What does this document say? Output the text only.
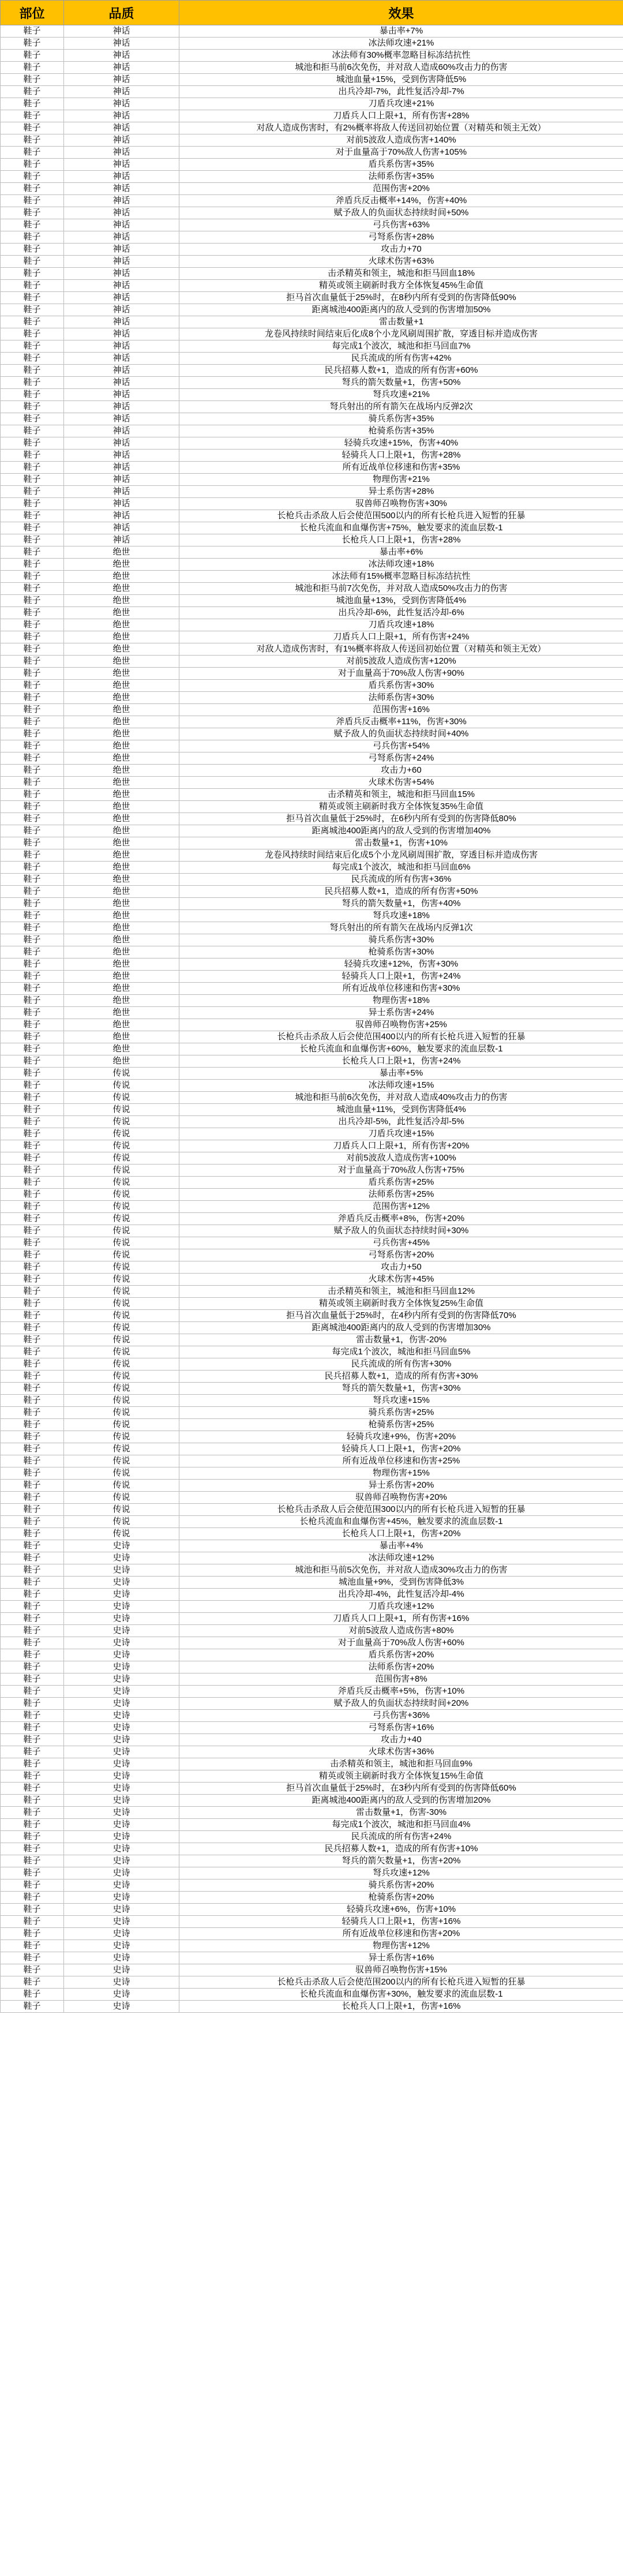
部位	品质	效果
鞋子	神话	暴击率+7%
鞋子	神话	冰法师攻速+21%
鞋子	神话	冰法师有30%概率忽略目标冻结抗性
鞋子	神话	城池和拒马前6次免伤，并对敌人造成60%攻击力的伤害
鞋子	神话	城池血量+15%，受到伤害降低5%
鞋子	神话	出兵冷却-7%，此性复活冷却-7%
鞋子	神话	刀盾兵攻速+21%
鞋子	神话	刀盾兵人口上限+1，所有伤害+28%
鞋子	神话	对敌人造成伤害时，有2%概率将敌人传送回初始位置（对精英和领主无效）
鞋子	神话	对前5波敌人造成伤害+140%
鞋子	神话	对于血量高于70%敌人伤害+105%
鞋子	神话	盾兵系伤害+35%
鞋子	神话	法师系伤害+35%
鞋子	神话	范围伤害+20%
鞋子	神话	斧盾兵反击概率+14%，伤害+40%
鞋子	神话	赋予敌人的负面状态持续时间+50%
鞋子	神话	弓兵伤害+63%
鞋子	神话	弓弩系伤害+28%
鞋子	神话	攻击力+70
鞋子	神话	火球术伤害+63%
鞋子	神话	击杀精英和领主，城池和拒马回血18%
鞋子	神话	精英或领主刷新时我方全体恢复45%生命值
鞋子	神话	拒马首次血量低于25%时，在8秒内所有受到的伤害降低90%
鞋子	神话	距离城池400距离内的敌人受到的伤害增加50%
鞋子	神话	雷击数量+1
鞋子	神话	龙卷风持续时间结束后化成8个小龙风刷周围扩散，穿透目标并造成伤害
鞋子	神话	每完成1个波次，城池和拒马回血7%
鞋子	神话	民兵流成的所有伤害+42%
鞋子	神话	民兵招募人数+1，造成的所有伤害+60%
鞋子	神话	弩兵的箭矢数量+1，伤害+50%
鞋子	神话	弩兵攻速+21%
鞋子	神话	弩兵射出的所有箭矢在战场内反弹2次
鞋子	神话	骑兵系伤害+35%
鞋子	神话	枪骑系伤害+35%
鞋子	神话	轻骑兵攻速+15%，伤害+40%
鞋子	神话	轻骑兵人口上限+1，伤害+28%
鞋子	神话	所有近战单位移速和伤害+35%
鞋子	神话	物理伤害+21%
鞋子	神话	异士系伤害+28%
鞋子	神话	驭兽师召唤物伤害+30%
鞋子	神话	长枪兵击杀敌人后会使范围500以内的所有长枪兵进入短暂的狂暴
鞋子	神话	长枪兵流血和血爆伤害+75%，触发要求的流血层数-1
鞋子	神话	长枪兵人口上限+1，伤害+28%
鞋子	绝世	暴击率+6%
鞋子	绝世	冰法师攻速+18%
鞋子	绝世	冰法师有15%概率忽略目标冻结抗性
鞋子	绝世	城池和拒马前7次免伤，并对敌人造成50%攻击力的伤害
鞋子	绝世	城池血量+13%，受到伤害降低4%
鞋子	绝世	出兵冷却-6%，此性复活冷却-6%
鞋子	绝世	刀盾兵攻速+18%
鞋子	绝世	刀盾兵人口上限+1，所有伤害+24%
鞋子	绝世	对敌人造成伤害时，有1%概率将敌人传送回初始位置（对精英和领主无效）
鞋子	绝世	对前5波敌人造成伤害+120%
鞋子	绝世	对于血量高于70%敌人伤害+90%
鞋子	绝世	盾兵系伤害+30%
鞋子	绝世	法师系伤害+30%
鞋子	绝世	范围伤害+16%
鞋子	绝世	斧盾兵反击概率+11%，伤害+30%
鞋子	绝世	赋予敌人的负面状态持续时间+40%
鞋子	绝世	弓兵伤害+54%
鞋子	绝世	弓弩系伤害+24%
鞋子	绝世	攻击力+60
鞋子	绝世	火球术伤害+54%
鞋子	绝世	击杀精英和领主，城池和拒马回血15%
鞋子	绝世	精英或领主刷新时我方全体恢复35%生命值
鞋子	绝世	拒马首次血量低于25%时，在6秒内所有受到的伤害降低80%
鞋子	绝世	距离城池400距离内的敌人受到的伤害增加40%
鞋子	绝世	雷击数量+1，伤害+10%
鞋子	绝世	龙卷风持续时间结束后化成5个小龙风刷周围扩散，穿透目标并造成伤害
鞋子	绝世	每完成1个波次，城池和拒马回血6%
鞋子	绝世	民兵流成的所有伤害+36%
鞋子	绝世	民兵招募人数+1，造成的所有伤害+50%
鞋子	绝世	弩兵的箭矢数量+1，伤害+40%
鞋子	绝世	弩兵攻速+18%
鞋子	绝世	弩兵射出的所有箭矢在战场内反弹1次
鞋子	绝世	骑兵系伤害+30%
鞋子	绝世	枪骑系伤害+30%
鞋子	绝世	轻骑兵攻速+12%，伤害+30%
鞋子	绝世	轻骑兵人口上限+1，伤害+24%
鞋子	绝世	所有近战单位移速和伤害+30%
鞋子	绝世	物理伤害+18%
鞋子	绝世	异士系伤害+24%
鞋子	绝世	驭兽师召唤物伤害+25%
鞋子	绝世	长枪兵击杀敌人后会使范围400以内的所有长枪兵进入短暂的狂暴
鞋子	绝世	长枪兵流血和血爆伤害+60%，触发要求的流血层数-1
鞋子	绝世	长枪兵人口上限+1，伤害+24%
鞋子	传说	暴击率+5%
鞋子	传说	冰法师攻速+15%
鞋子	传说	城池和拒马前6次免伤，并对敌人造成40%攻击力的伤害
鞋子	传说	城池血量+11%，受到伤害降低4%
鞋子	传说	出兵冷却-5%，此性复活冷却-5%
鞋子	传说	刀盾兵攻速+15%
鞋子	传说	刀盾兵人口上限+1，所有伤害+20%
鞋子	传说	对前5波敌人造成伤害+100%
鞋子	传说	对于血量高于70%敌人伤害+75%
鞋子	传说	盾兵系伤害+25%
鞋子	传说	法师系伤害+25%
鞋子	传说	范围伤害+12%
鞋子	传说	斧盾兵反击概率+8%，伤害+20%
鞋子	传说	赋予敌人的负面状态持续时间+30%
鞋子	传说	弓兵伤害+45%
鞋子	传说	弓弩系伤害+20%
鞋子	传说	攻击力+50
鞋子	传说	火球术伤害+45%
鞋子	传说	击杀精英和领主，城池和拒马回血12%
鞋子	传说	精英或领主刷新时我方全体恢复25%生命值
鞋子	传说	拒马首次血量低于25%时，在4秒内所有受到的伤害降低70%
鞋子	传说	距离城池400距离内的敌人受到的伤害增加30%
鞋子	传说	雷击数量+1，伤害-20%
鞋子	传说	每完成1个波次，城池和拒马回血5%
鞋子	传说	民兵流成的所有伤害+30%
鞋子	传说	民兵招募人数+1，造成的所有伤害+30%
鞋子	传说	弩兵的箭矢数量+1，伤害+30%
鞋子	传说	弩兵攻速+15%
鞋子	传说	骑兵系伤害+25%
鞋子	传说	枪骑系伤害+25%
鞋子	传说	轻骑兵攻速+9%，伤害+20%
鞋子	传说	轻骑兵人口上限+1，伤害+20%
鞋子	传说	所有近战单位移速和伤害+25%
鞋子	传说	物理伤害+15%
鞋子	传说	异士系伤害+20%
鞋子	传说	驭兽师召唤物伤害+20%
鞋子	传说	长枪兵击杀敌人后会使范围300以内的所有长枪兵进入短暂的狂暴
鞋子	传说	长枪兵流血和血爆伤害+45%，触发要求的流血层数-1
鞋子	传说	长枪兵人口上限+1，伤害+20%
鞋子	史诗	暴击率+4%
鞋子	史诗	冰法师攻速+12%
鞋子	史诗	城池和拒马前5次免伤，并对敌人造成30%攻击力的伤害
鞋子	史诗	城池血量+9%，受到伤害降低3%
鞋子	史诗	出兵冷却-4%，此性复活冷却-4%
鞋子	史诗	刀盾兵攻速+12%
鞋子	史诗	刀盾兵人口上限+1，所有伤害+16%
鞋子	史诗	对前5波敌人造成伤害+80%
鞋子	史诗	对于血量高于70%敌人伤害+60%
鞋子	史诗	盾兵系伤害+20%
鞋子	史诗	法师系伤害+20%
鞋子	史诗	范围伤害+8%
鞋子	史诗	斧盾兵反击概率+5%，伤害+10%
鞋子	史诗	赋予敌人的负面状态持续时间+20%
鞋子	史诗	弓兵伤害+36%
鞋子	史诗	弓弩系伤害+16%
鞋子	史诗	攻击力+40
鞋子	史诗	火球术伤害+36%
鞋子	史诗	击杀精英和领主，城池和拒马回血9%
鞋子	史诗	精英或领主刷新时我方全体恢复15%生命值
鞋子	史诗	拒马首次血量低于25%时，在3秒内所有受到的伤害降低60%
鞋子	史诗	距离城池400距离内的敌人受到的伤害增加20%
鞋子	史诗	雷击数量+1，伤害-30%
鞋子	史诗	每完成1个波次，城池和拒马回血4%
鞋子	史诗	民兵流成的所有伤害+24%
鞋子	史诗	民兵招募人数+1，造成的所有伤害+10%
鞋子	史诗	弩兵的箭矢数量+1，伤害+20%
鞋子	史诗	弩兵攻速+12%
鞋子	史诗	骑兵系伤害+20%
鞋子	史诗	枪骑系伤害+20%
鞋子	史诗	轻骑兵攻速+6%，伤害+10%
鞋子	史诗	轻骑兵人口上限+1，伤害+16%
鞋子	史诗	所有近战单位移速和伤害+20%
鞋子	史诗	物理伤害+12%
鞋子	史诗	异士系伤害+16%
鞋子	史诗	驭兽师召唤物伤害+15%
鞋子	史诗	长枪兵击杀敌人后会使范围200以内的所有长枪兵进入短暂的狂暴
鞋子	史诗	长枪兵流血和血爆伤害+30%，触发要求的流血层数-1
鞋子	史诗	长枪兵人口上限+1，伤害+16%
